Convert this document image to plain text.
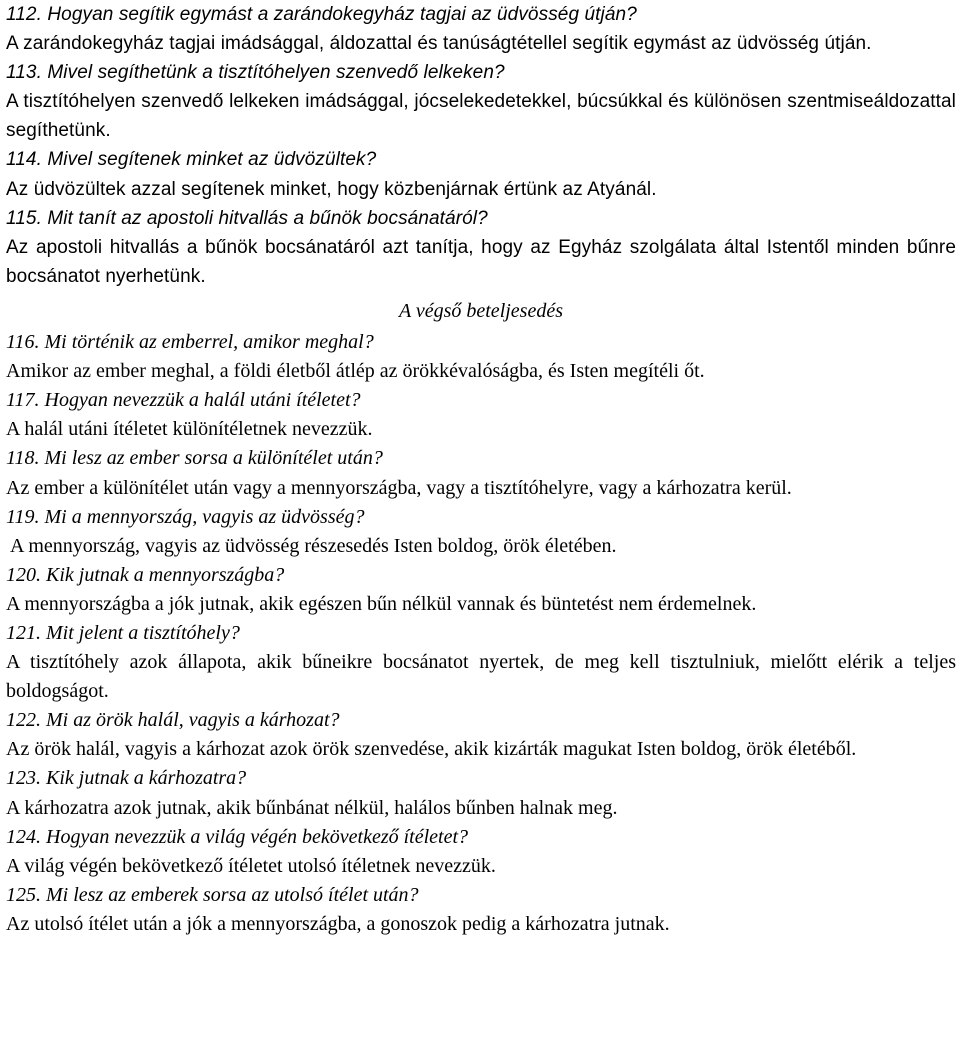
112. Hogyan segítik egymást a zarándokegyház tagjai az üdvösség útján?
A zarándokegyház tagjai imádsággal, áldozattal és tanúságtétellel segítik egymást az üdvösség útján.
113. Mivel segíthetünk a tisztítóhelyen szenvedő lelkeken?
A tisztítóhelyen szenvedő lelkeken imádsággal, jócselekedetekkel, búcsúkkal és különösen szentmiseáldozattal segíthetünk.
114. Mivel segítenek minket az üdvözültek?
Az üdvözültek azzal segítenek minket, hogy közbenjárnak értünk az Atyánál.
115. Mit tanít az apostoli hitvallás a bűnök bocsánatáról?
Az apostoli hitvallás a bűnök bocsánatáról azt tanítja, hogy az Egyház szolgálata által Istentől minden bűnre bocsánatot nyerhetünk.
A végső beteljesedés
116. Mi történik az emberrel, amikor meghal?
Amikor az ember meghal, a földi életből átlép az örökkévalóságba, és Isten megítéli őt.
117. Hogyan nevezzük a halál utáni ítéletet?
A halál utáni ítéletet különítéletnek nevezzük.
118. Mi lesz az ember sorsa a különítélet után?
Az ember a különítélet után vagy a mennyországba, vagy a tisztítóhelyre, vagy a kárhozatra kerül.
119. Mi a mennyország, vagyis az üdvösség?
A mennyország, vagyis az üdvösség részesedés Isten boldog, örök életében.
120. Kik jutnak a mennyországba?
A mennyországba a jók jutnak, akik egészen bűn nélkül vannak és büntetést nem érdemelnek.
121. Mit jelent a tisztítóhely?
A tisztítóhely azok állapota, akik bűneikre bocsánatot nyertek, de meg kell tisztulniuk, mielőtt elérik a teljes boldogságot.
122. Mi az örök halál, vagyis a kárhozat?
Az örök halál, vagyis a kárhozat azok örök szenvedése, akik kizárták magukat Isten boldog, örök életéből.
123. Kik jutnak a kárhozatra?
A kárhozatra azok jutnak, akik bűnbánat nélkül, halálos bűnben halnak meg.
124. Hogyan nevezzük a világ végén bekövetkező ítéletet?
A világ végén bekövetkező ítéletet utolsó ítéletnek nevezzük.
125. Mi lesz az emberek sorsa az utolsó ítélet után?
Az utolsó ítélet után a jók a mennyországba, a gonoszok pedig a kárhozatra jutnak.
